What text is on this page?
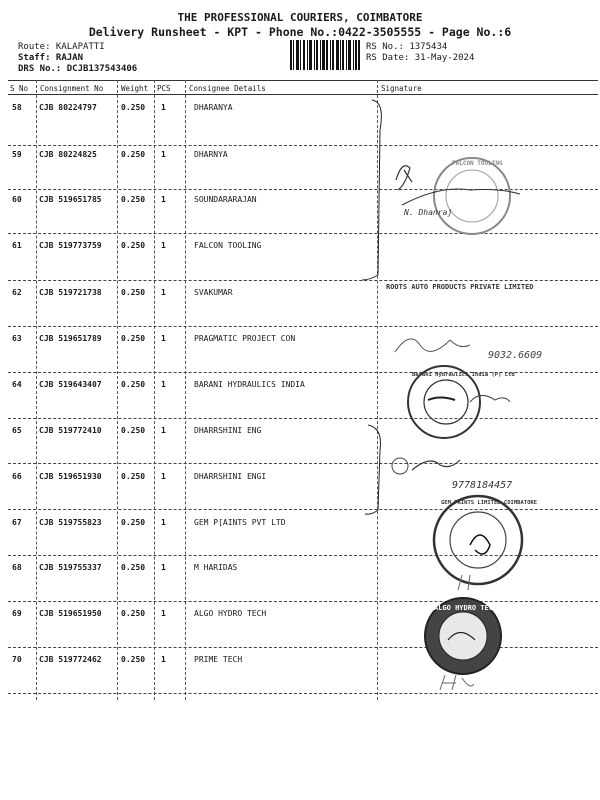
THE PROFESSIONAL COURIERS, COIMBATORE
Delivery Runsheet - KPT - Phone No.:0422-3505555 - Page No.:6
Route: KALAPATTI
Staff: RAJAN
DRS No.: DCJB137543406
RS No.: 1375434
RS Date: 31-May-2024
S No Consignment No Weight PCS Consignee Details	Signature
58 CJB 80224797	0.250 1	DHARANYA
59 CJB 80224825	0.250 1	DHARNYA
60 CJB 519651785 0.250 1	SOUNDARARAJAN
61 CJB 519773759 0.250 1	FALCON TOOLING
62 CJB 519721738 0.250 1	SVAKUMAR
63 CJB 519651789 0.250 1	PRAGMATIC PROJECT CON
64 CJB 519643407 0.250 1	BARANI HYDRAULICS INDIA
65 CJB 519772410 0.250 1	DHARRSHINI ENG
66 CJB 519651930 0.250 1	DHARRSHINI ENGI
67 CJB 519755823 0.250 1	GEM P[AINTS PVT LTD
68 CJB 519755337 0.250 1	M HARIDAS
69 CJB 519651950 0.250 1	ALGO HYDRO TECH
70 CJB 519772462 0.250 1	PRIME TECH
FALCON TOOLING
N. Dhanraj
ROOTS AUTO PRODUCTS PRIVATE LIMITED
9032.6609
Barani Hydraulics India (P) Ltd
9778184457
GEM PAINTS LIMITED COIMBATORE
ALGO HYDRO TECH
